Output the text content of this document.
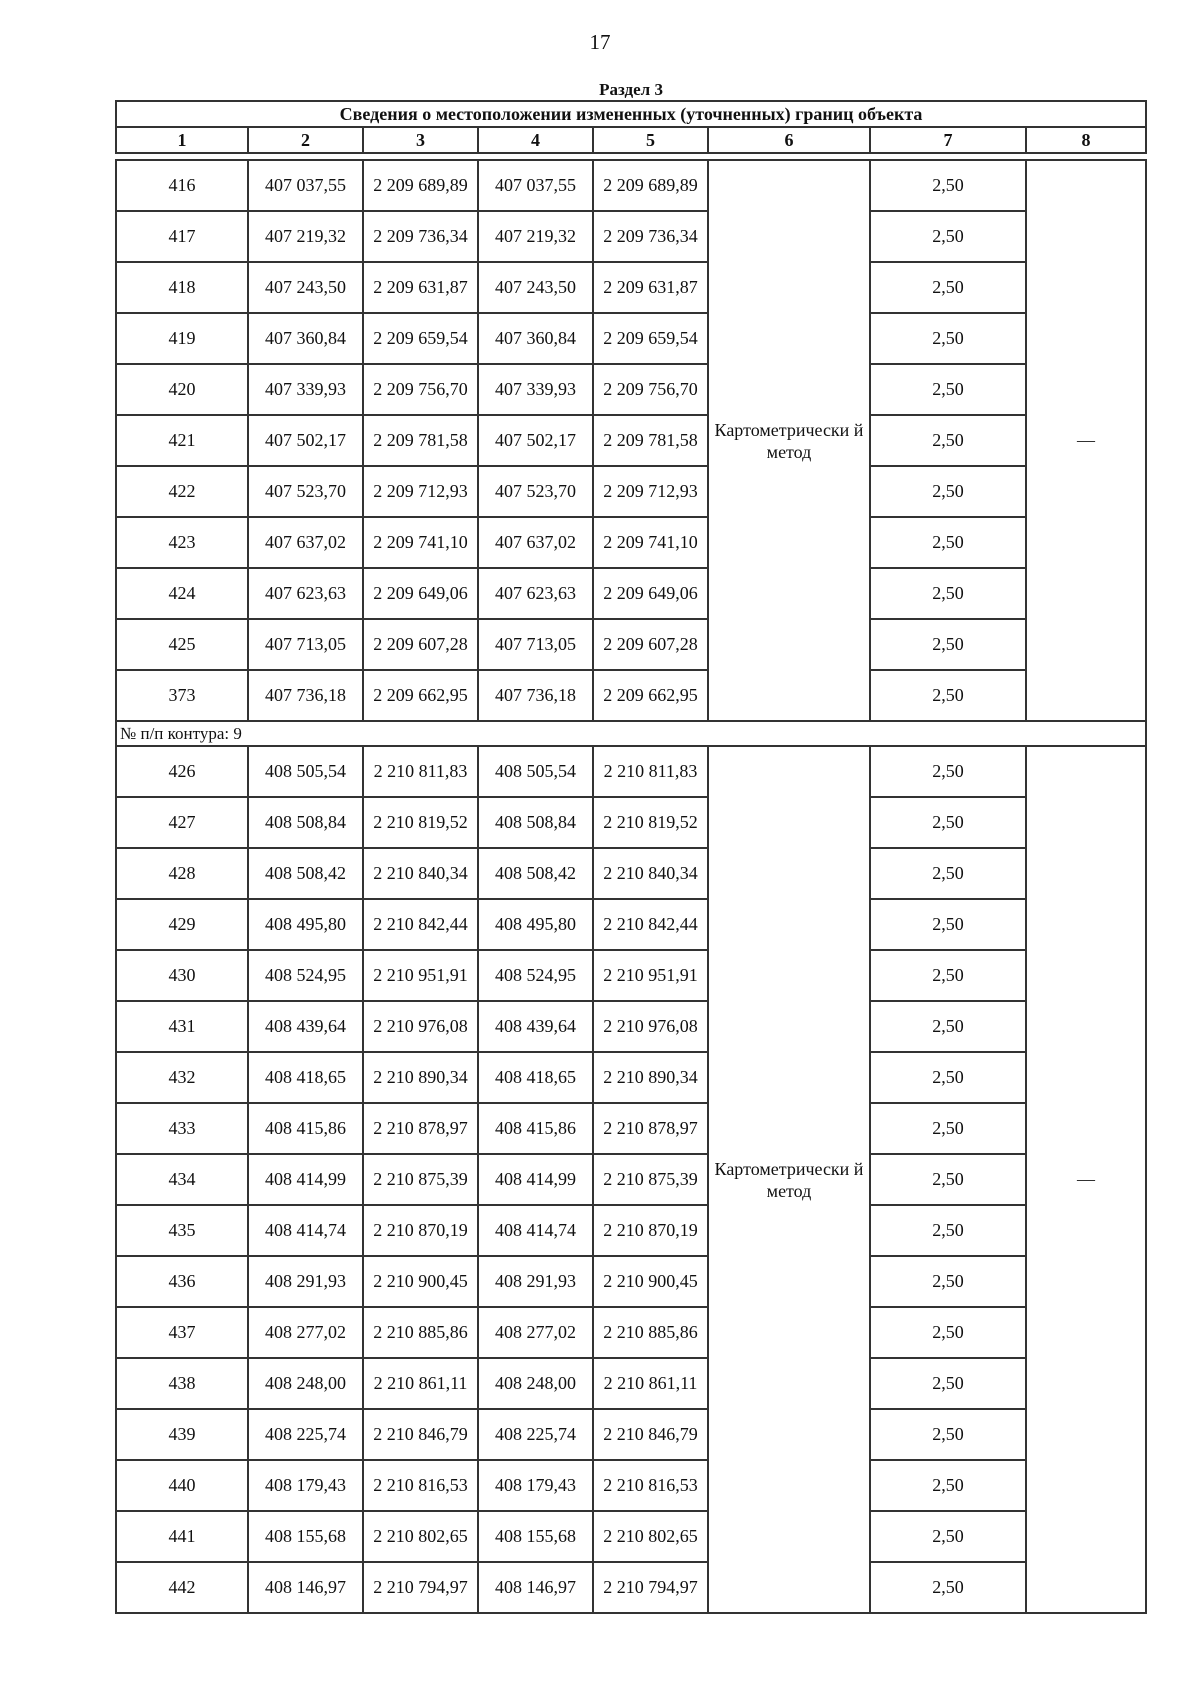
17
Раздел 3							
Сведения о местоположении измененных (уточненных) границ объекта							
1	2	3	4	5	6	7	8

416	407 037,55	2 209 689,89	407 037,55	2 209 689,89	Картометрически й метод	2,50	—
417	407 219,32	2 209 736,34	407 219,32	2 209 736,34		2,50	
418	407 243,50	2 209 631,87	407 243,50	2 209 631,87		2,50	
419	407 360,84	2 209 659,54	407 360,84	2 209 659,54		2,50	
420	407 339,93	2 209 756,70	407 339,93	2 209 756,70		2,50	
421	407 502,17	2 209 781,58	407 502,17	2 209 781,58		2,50	
422	407 523,70	2 209 712,93	407 523,70	2 209 712,93		2,50	
423	407 637,02	2 209 741,10	407 637,02	2 209 741,10		2,50	
424	407 623,63	2 209 649,06	407 623,63	2 209 649,06		2,50	
425	407 713,05	2 209 607,28	407 713,05	2 209 607,28		2,50	
373	407 736,18	2 209 662,95	407 736,18	2 209 662,95		2,50	
№ п/п контура: 9							
426	408 505,54	2 210 811,83	408 505,54	2 210 811,83	Картометрически й метод	2,50	—
427	408 508,84	2 210 819,52	408 508,84	2 210 819,52		2,50	
428	408 508,42	2 210 840,34	408 508,42	2 210 840,34		2,50	
429	408 495,80	2 210 842,44	408 495,80	2 210 842,44		2,50	
430	408 524,95	2 210 951,91	408 524,95	2 210 951,91		2,50	
431	408 439,64	2 210 976,08	408 439,64	2 210 976,08		2,50	
432	408 418,65	2 210 890,34	408 418,65	2 210 890,34		2,50	
433	408 415,86	2 210 878,97	408 415,86	2 210 878,97		2,50	
434	408 414,99	2 210 875,39	408 414,99	2 210 875,39		2,50	
435	408 414,74	2 210 870,19	408 414,74	2 210 870,19		2,50	
436	408 291,93	2 210 900,45	408 291,93	2 210 900,45		2,50	
437	408 277,02	2 210 885,86	408 277,02	2 210 885,86		2,50	
438	408 248,00	2 210 861,11	408 248,00	2 210 861,11		2,50	
439	408 225,74	2 210 846,79	408 225,74	2 210 846,79		2,50	
440	408 179,43	2 210 816,53	408 179,43	2 210 816,53		2,50	
441	408 155,68	2 210 802,65	408 155,68	2 210 802,65		2,50	
442	408 146,97	2 210 794,97	408 146,97	2 210 794,97		2,50	
